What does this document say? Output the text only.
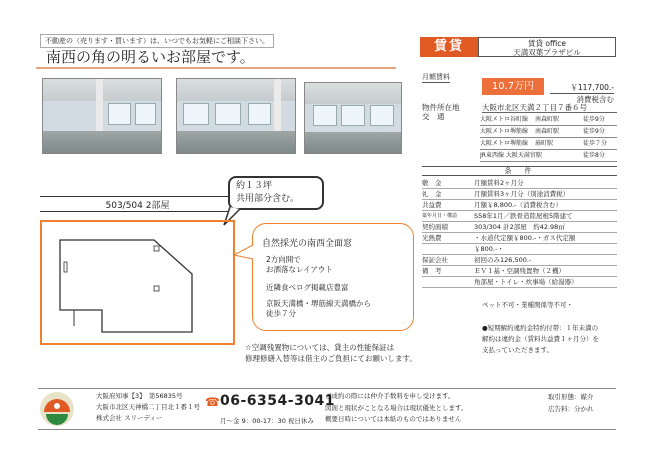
不動産の（売ります・買います）は、いつでもお気軽にご相談下さい。
南西の角の明るいお部屋です。
503/504 2部屋
約１３坪
共用部分含む。
自然採光の南西全面窓
2方向開で
お洒落なレイアウト
近隣食べログ掲載店豊富
京阪天満橋・堺筋線天満橋から
徒歩７分
☆空調残置物については、貸主の性能保証は
修理修繕入替等は借主のご負担にてお願いします。
賃貸	賃貸 office
天満双葉プラザビル
月額賃料
10.7万円	￥117,700.-
消費税含む
物件所在地
交　通
大阪市北区天満２丁目７番６号
大阪メトロ谷町線	南森町駅	徒歩9分
大阪メトロ堺筋線	南森町駅	徒歩9分
大阪メトロ堺筋線	扇町駅	徒歩７分
JR東西線 大阪天満宮駅	徒歩8分
条　件
敷　金	月額賃料2ヶ月分
礼　金	月額賃料3ヶ月分（別途消費税）
共益費	月額￥8,800.-（消費税含む）
築年月日・構造	S58年1月／鉄骨造陸屋根5階建て
契約面積	303/304 計2部屋　約42.98㎡
光熱費	・水道代定額￥800.-・ガス代定額
￥800.-・
保証会社	初回のみ126,500.-
備　考	ＥＶ１基・空調残置物（２機）
角部屋・トイレ・炊事場（給湯器）
ペット不可・業種関係等不可・
●短期解約違約金特約付帯：１年未満の
解約は違約金（賃料共益費１ヶ月分）を
支払っていただきます。
大阪府知事【3】　第56835号
大阪市北区天神橋二丁目北１番１号
株式会社 スリーディー
☎ 06-6354-3041
月～金 9：00-17：30 祝日休み
ご成約の際には仲介手数料を申し受けます。
図面と現状がことなる場合は現状優先とします。
概要日時については本紙のものではありません
取引形態：媒介
広告料：分かれ
